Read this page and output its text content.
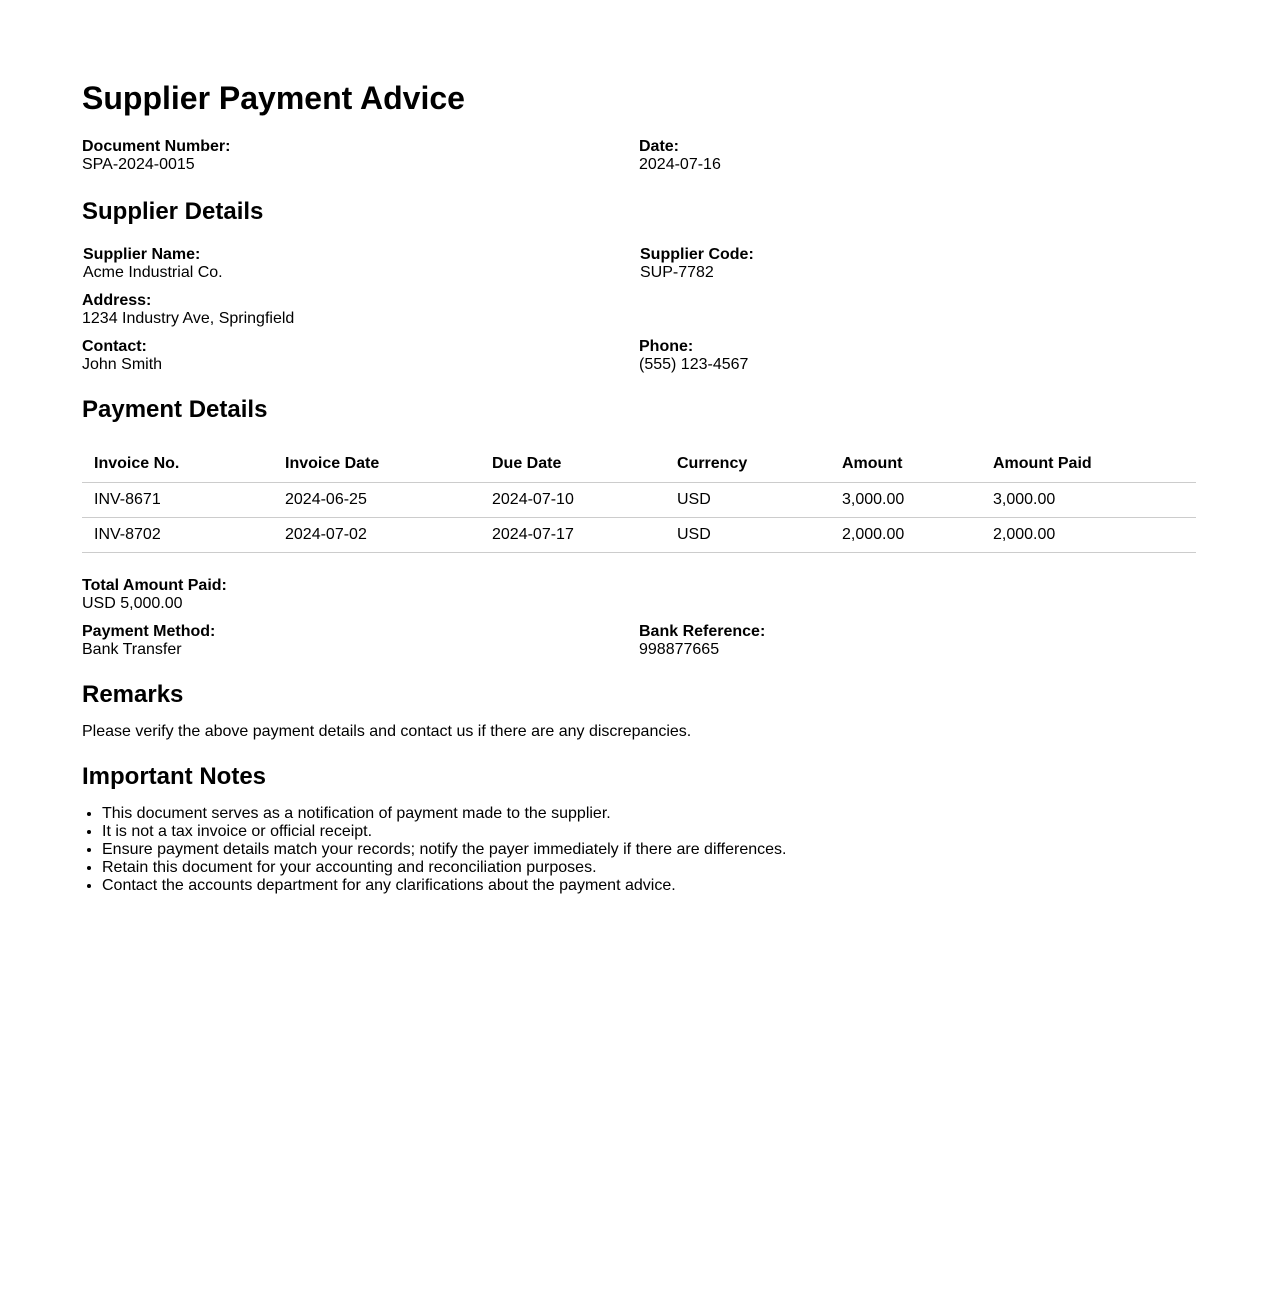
Supplier Payment Advice
Document Number:
SPA-2024-0015
Date:
2024-07-16
Supplier Details
Supplier Name:
Acme Industrial Co.
Supplier Code:
SUP-7782
Address:
1234 Industry Ave, Springfield
Contact:
John Smith
Phone:
(555) 123-4567
Payment Details
Invoice No.	Invoice Date	Due Date	Currency	Amount	Amount Paid
INV-8671	2024-06-25	2024-07-10	USD	3,000.00	3,000.00
INV-8702	2024-07-02	2024-07-17	USD	2,000.00	2,000.00
Total Amount Paid:
USD 5,000.00
Payment Method:
Bank Transfer
Bank Reference:
998877665
Remarks

Please verify the above payment details and contact us if there are any discrepancies.

Important Notes
• This document serves as a notification of payment made to the supplier.
• It is not a tax invoice or official receipt.
• Ensure payment details match your records; notify the payer immediately if there are differences.
• Retain this document for your accounting and reconciliation purposes.
• Contact the accounts department for any clarifications about the payment advice.
